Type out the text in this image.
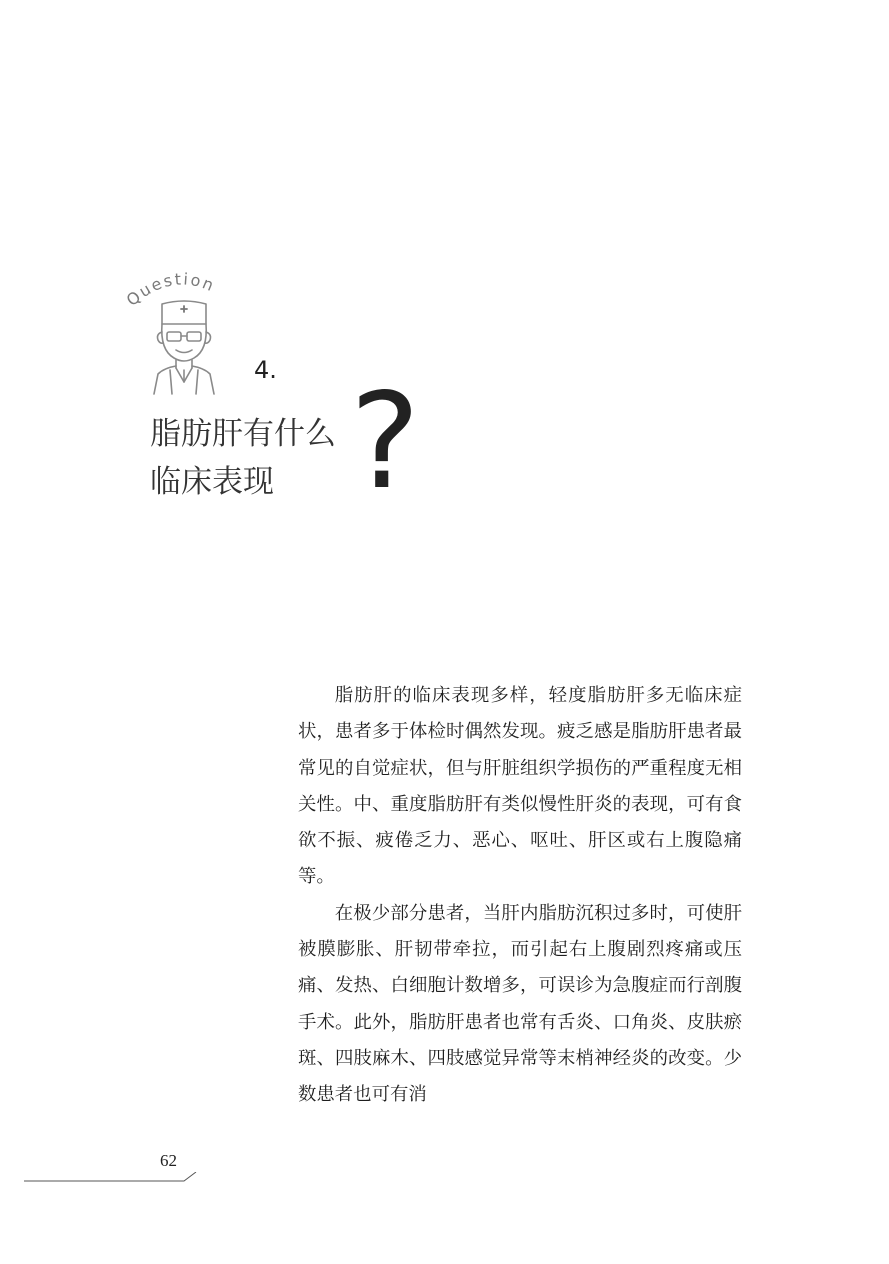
Question
4.
脂肪肝有什么
临床表现 ?

脂肪肝的临床表现多样，轻度脂肪肝多无临床症状，患者多于体检时偶然发现。疲乏感是脂肪肝患者最常见的自觉症状，但与肝脏组织学损伤的严重程度无相关性。中、重度脂肪肝有类似慢性肝炎的表现，可有食欲不振、疲倦乏力、恶心、呕吐、肝区或右上腹隐痛等。

在极少部分患者，当肝内脂肪沉积过多时，可使肝被膜膨胀、肝韧带牵拉，而引起右上腹剧烈疼痛或压痛、发热、白细胞计数增多，可误诊为急腹症而行剖腹手术。此外，脂肪肝患者也常有舌炎、口角炎、皮肤瘀斑、四肢麻木、四肢感觉异常等末梢神经炎的改变。少数患者也可有消

62
